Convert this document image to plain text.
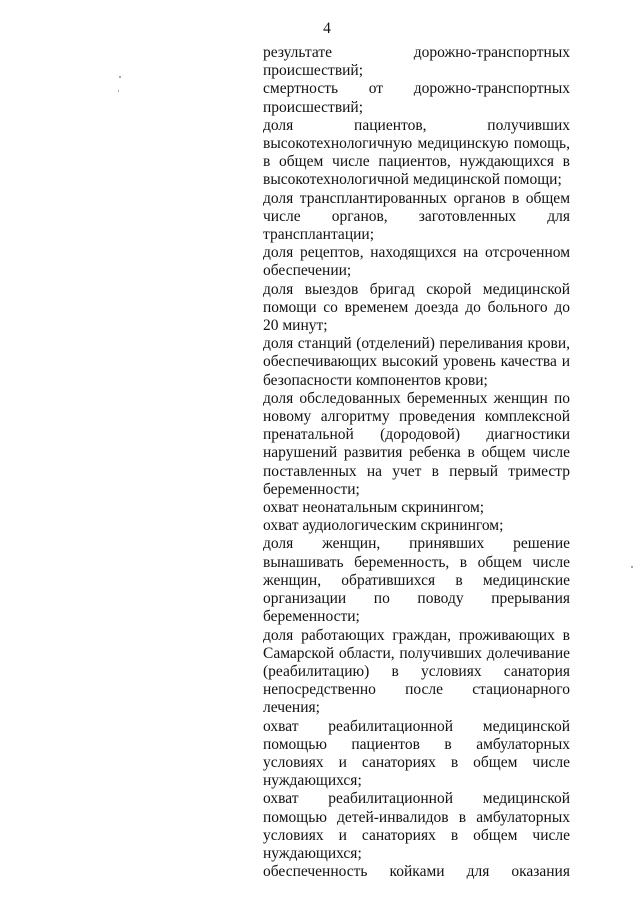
4

результате дорожно-транспортных происшествий;

смертность от дорожно-транспортных происшествий;

доля пациентов, получивших высокотехнологичную медицинскую помощь, в общем числе пациентов, нуждающихся в высокотехнологичной медицинской помощи;

доля трансплантированных органов в общем числе органов, заготовленных для трансплантации;

доля рецептов, находящихся на отсроченном обеспечении;

доля выездов бригад скорой медицинской помощи со временем доезда до больного до 20 минут;

доля станций (отделений) переливания крови, обеспечивающих высокий уровень качества и безопасности компонентов крови;

доля обследованных беременных женщин по новому алгоритму проведения комплексной пренатальной (дородовой) диагностики нарушений развития ребенка в общем числе поставленных на учет в первый триместр беременности;

охват неонатальным скринингом;

охват аудиологическим скринингом;

доля женщин, принявших решение вынашивать беременность, в общем числе женщин, обратившихся в медицинские организации по поводу прерывания беременности;

доля работающих граждан, проживающих в Самарской области, получивших долечивание (реабилитацию) в условиях санатория непосредственно после стационарного лечения;

охват реабилитационной медицинской помощью пациентов в амбулаторных условиях и санаториях в общем числе нуждающихся;

охват реабилитационной медицинской помощью детей-инвалидов в амбулаторных условиях и санаториях в общем числе нуждающихся;

обеспеченность койками для оказания
